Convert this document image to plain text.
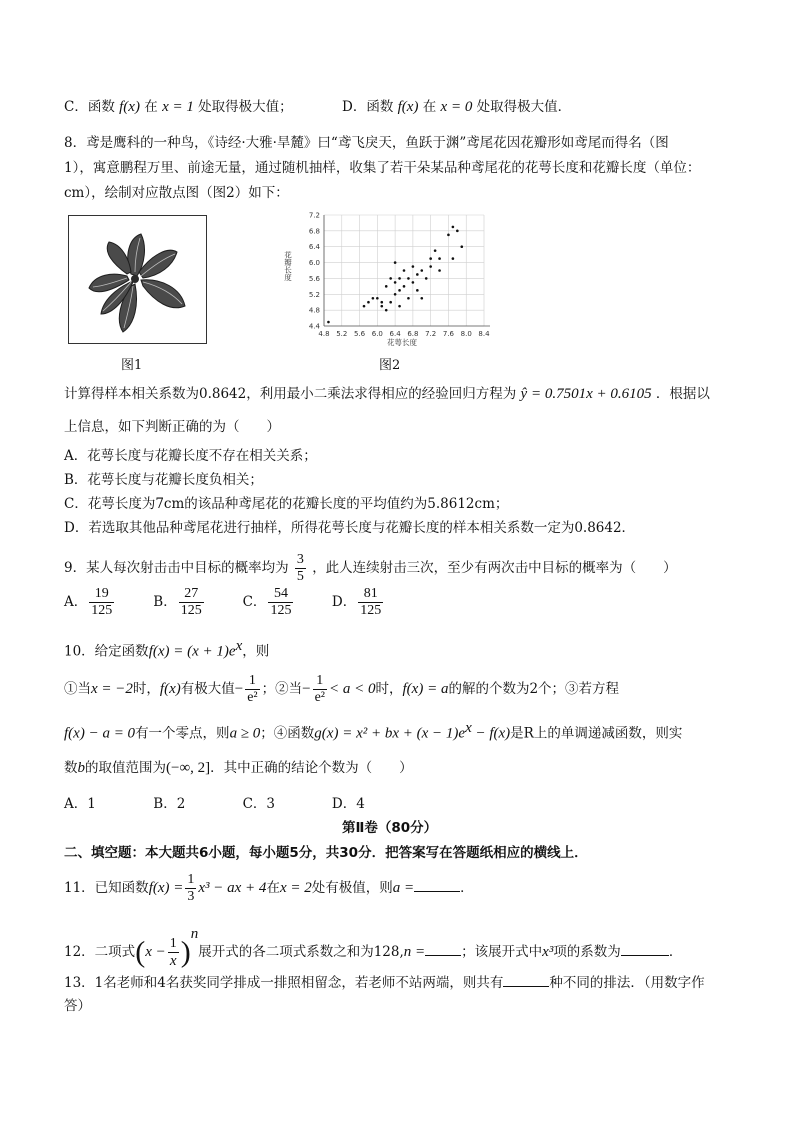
C．函数 f(x) 在 x = 1 处取得极大值；	D．函数 f(x) 在 x = 0 处取得极大值．
8．鸢是鹰科的一种鸟，《诗经·大雅·旱麓》曰“鸢飞戾天，鱼跃于渊”鸢尾花因花瓣形如鸢尾而得名（图
1），寓意鹏程万里、前途无量，通过随机抽样，收集了若干朵某品种鸢尾花的花萼长度和花瓣长度（单位：
cm），绘制对应散点图（图2）如下：
图1
4.8 5.2 5.6 6.0 6.4 6.8 7.2 7.6 8.0 8.4
4.4
4.8
5.2
5.6
6.0
6.4
6.8
7.2
花萼长度
花瓣长度
图2
计算得样本相关系数为0.8642，利用最小二乘法求得相应的经验回归方程为 ŷ = 0.7501x + 0.6105 ．根据以
上信息，如下判断正确的为（　　）
A．花萼长度与花瓣长度不存在相关关系；
B．花萼长度与花瓣长度负相关；
C．花萼长度为7cm的该品种鸢尾花的花瓣长度的平均值约为5.8612cm；
D．若选取其他品种鸢尾花进行抽样，所得花萼长度与花瓣长度的样本相关系数一定为0.8642．
9．某人每次射击击中目标的概率均为 $\frac{3}{5}$ ，此人连续射击三次，至少有两次击中目标的概率为（　　）
A． $\frac{19}{125}$	B． $\frac{27}{125}$	C． $\frac{54}{125}$	D． $\frac{81}{125}$
10．给定函数$f(x) = (x + 1)e^x$，则
①当x = −2时，f(x)有极大值− $\frac{1}{\text{e²}}$ ；②当− $\frac{1}{\text{e²}} < a < 0$时，f(x) = a的解的个数为2个；③若方程
f(x) − a = 0有一个零点，则a ≥ 0；④函数g(x) = x² + bx + $(x - 1)e^x - f(x)$是R上的单调递减函数，则实
数b的取值范围为(−∞, 2]．其中正确的结论个数为（　　）
A．1	B．2	C．3	D．4
第Ⅱ卷（80分）
二、填空题：本大题共6小题，每小题5分，共30分．把答案写在答题纸相应的横线上．
11．已知函数$f(x) = \frac{1}{3} x^3$ − ax + 4在x = 2处有极值，则a =	．
12．二项式$(x - \frac{1}{x} )^n$展开式的各二项式系数之和为128,n =	；该展开式中x³项的系数为	．
13．1名老师和4名获奖同学排成一排照相留念，若老师不站两端，则共有	种不同的排法．（用数字作
答）
